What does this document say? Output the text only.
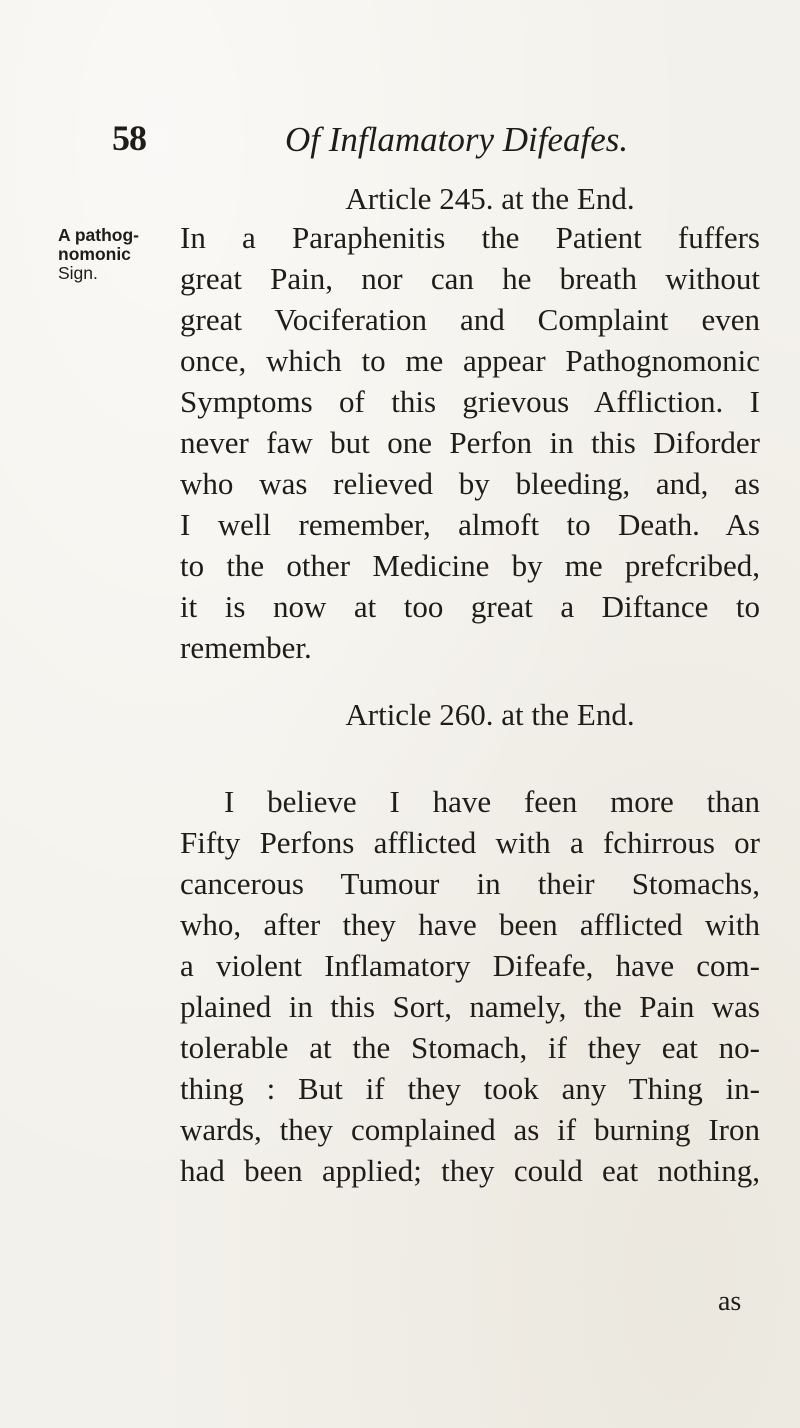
58	Of Inflamatory Difeafes.
Article 245. at the End.
A pathog-
nomonic
Sign.
In a Paraphenitis the Patient fuffers
great Pain, nor can he breath without
great Vociferation and Complaint even
once, which to me appear Pathognomonic
Symptoms of this grievous Affliction. I
never faw but one Perfon in this Diforder
who was relieved by bleeding, and, as
I well remember, almoft to Death. As
to the other Medicine by me prefcribed,
it is now at too great a Diftance to
remember.
Article 260. at the End.
I believe I have feen more than
Fifty Perfons afflicted with a fchirrous or
cancerous Tumour in their Stomachs,
who, after they have been afflicted with
a violent Inflamatory Difeafe, have com-
plained in this Sort, namely, the Pain was
tolerable at the Stomach, if they eat no-
thing : But if they took any Thing in-
wards, they complained as if burning Iron
had been applied; they could eat nothing,
as
